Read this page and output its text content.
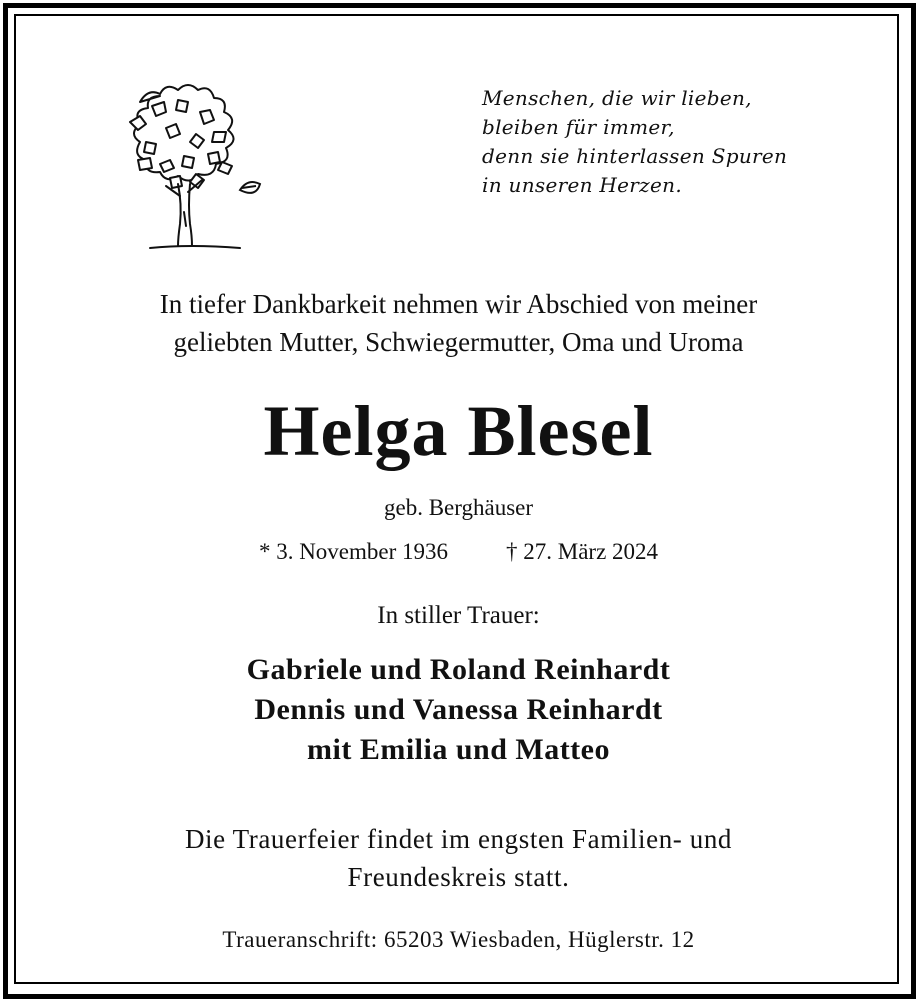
Menschen, die wir lieben,
bleiben für immer,
denn sie hinterlassen Spuren
in unseren Herzen.
In tiefer Dankbarkeit nehmen wir Abschied von meiner
geliebten Mutter, Schwiegermutter, Oma und Uroma
Helga Blesel
geb. Berghäuser
* 3. November 1936	† 27. März 2024
In stiller Trauer:
Gabriele und Roland Reinhardt
Dennis und Vanessa Reinhardt
mit Emilia und Matteo
Die Trauerfeier findet im engsten Familien- und
Freundeskreis statt.
Traueranschrift: 65203 Wiesbaden, Hüglerstr. 12
